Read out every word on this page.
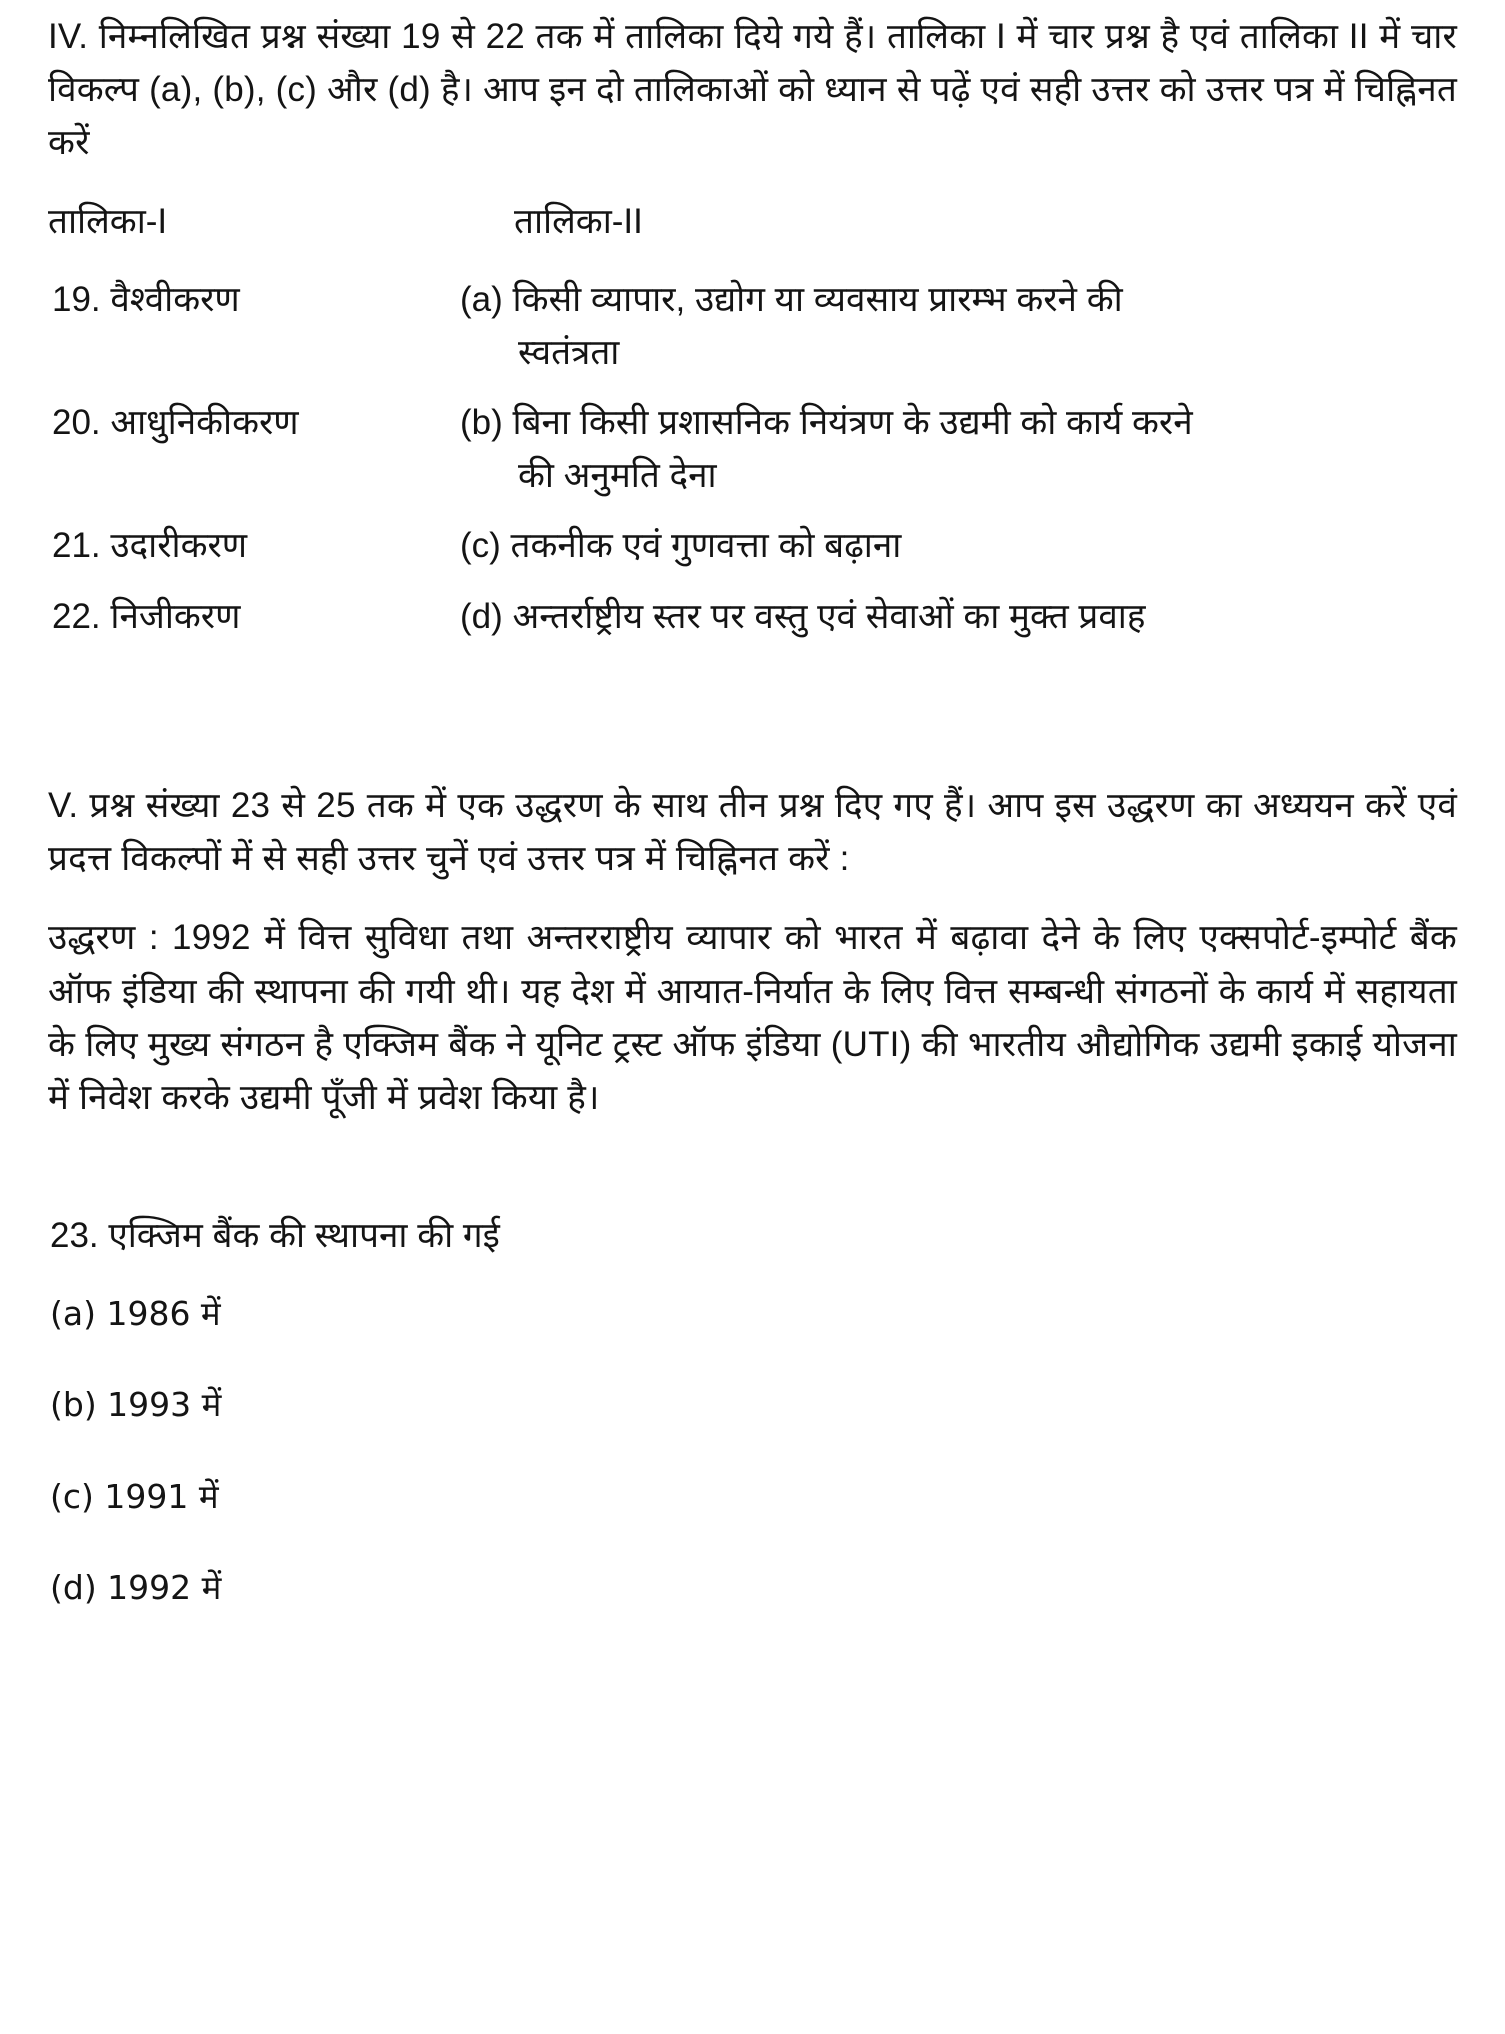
IV. निम्नलिखित प्रश्न संख्या 19 से 22 तक में तालिका दिये गये हैं। तालिका I में चार प्रश्न है एवं तालिका II में चार विकल्प (a), (b), (c) और (d) है। आप इन दो तालिकाओं को ध्यान से पढ़ें एवं सही उत्तर को उत्तर पत्र में चिह्निनत करें
तालिका-I	तालिका-II
19. वैश्वीकरण	(a) किसी व्यापार, उद्योग या व्यवसाय प्रारम्भ करने की
स्वतंत्रता
20. आधुनिकीकरण	(b) बिना किसी प्रशासनिक नियंत्रण के उद्यमी को कार्य करने
की अनुमति देना
21. उदारीकरण	(c) तकनीक एवं गुणवत्ता को बढ़ाना
22. निजीकरण	(d) अन्तर्राष्ट्रीय स्तर पर वस्तु एवं सेवाओं का मुक्त प्रवाह
V. प्रश्न संख्या 23 से 25 तक में एक उद्धरण के साथ तीन प्रश्न दिए गए हैं। आप इस उद्धरण का अध्ययन करें एवं प्रदत्त विकल्पों में से सही उत्तर चुनें एवं उत्तर पत्र में चिह्निनत करें :
उद्धरण : 1992 में वित्त सुविधा तथा अन्तरराष्ट्रीय व्यापार को भारत में बढ़ावा देने के लिए एक्सपोर्ट-इम्पोर्ट बैंक ऑफ इंडिया की स्थापना की गयी थी। यह देश में आयात-निर्यात के लिए वित्त सम्बन्धी संगठनों के कार्य में सहायता के लिए मुख्य संगठन है एक्जिम बैंक ने यूनिट ट्रस्ट ऑफ इंडिया (UTI) की भारतीय औद्योगिक उद्यमी इकाई योजना में निवेश करके उद्यमी पूँजी में प्रवेश किया है।
23. एक्जिम बैंक की स्थापना की गई
(a) 1986 में
(b) 1993 में
(c) 1991 में
(d) 1992 में
